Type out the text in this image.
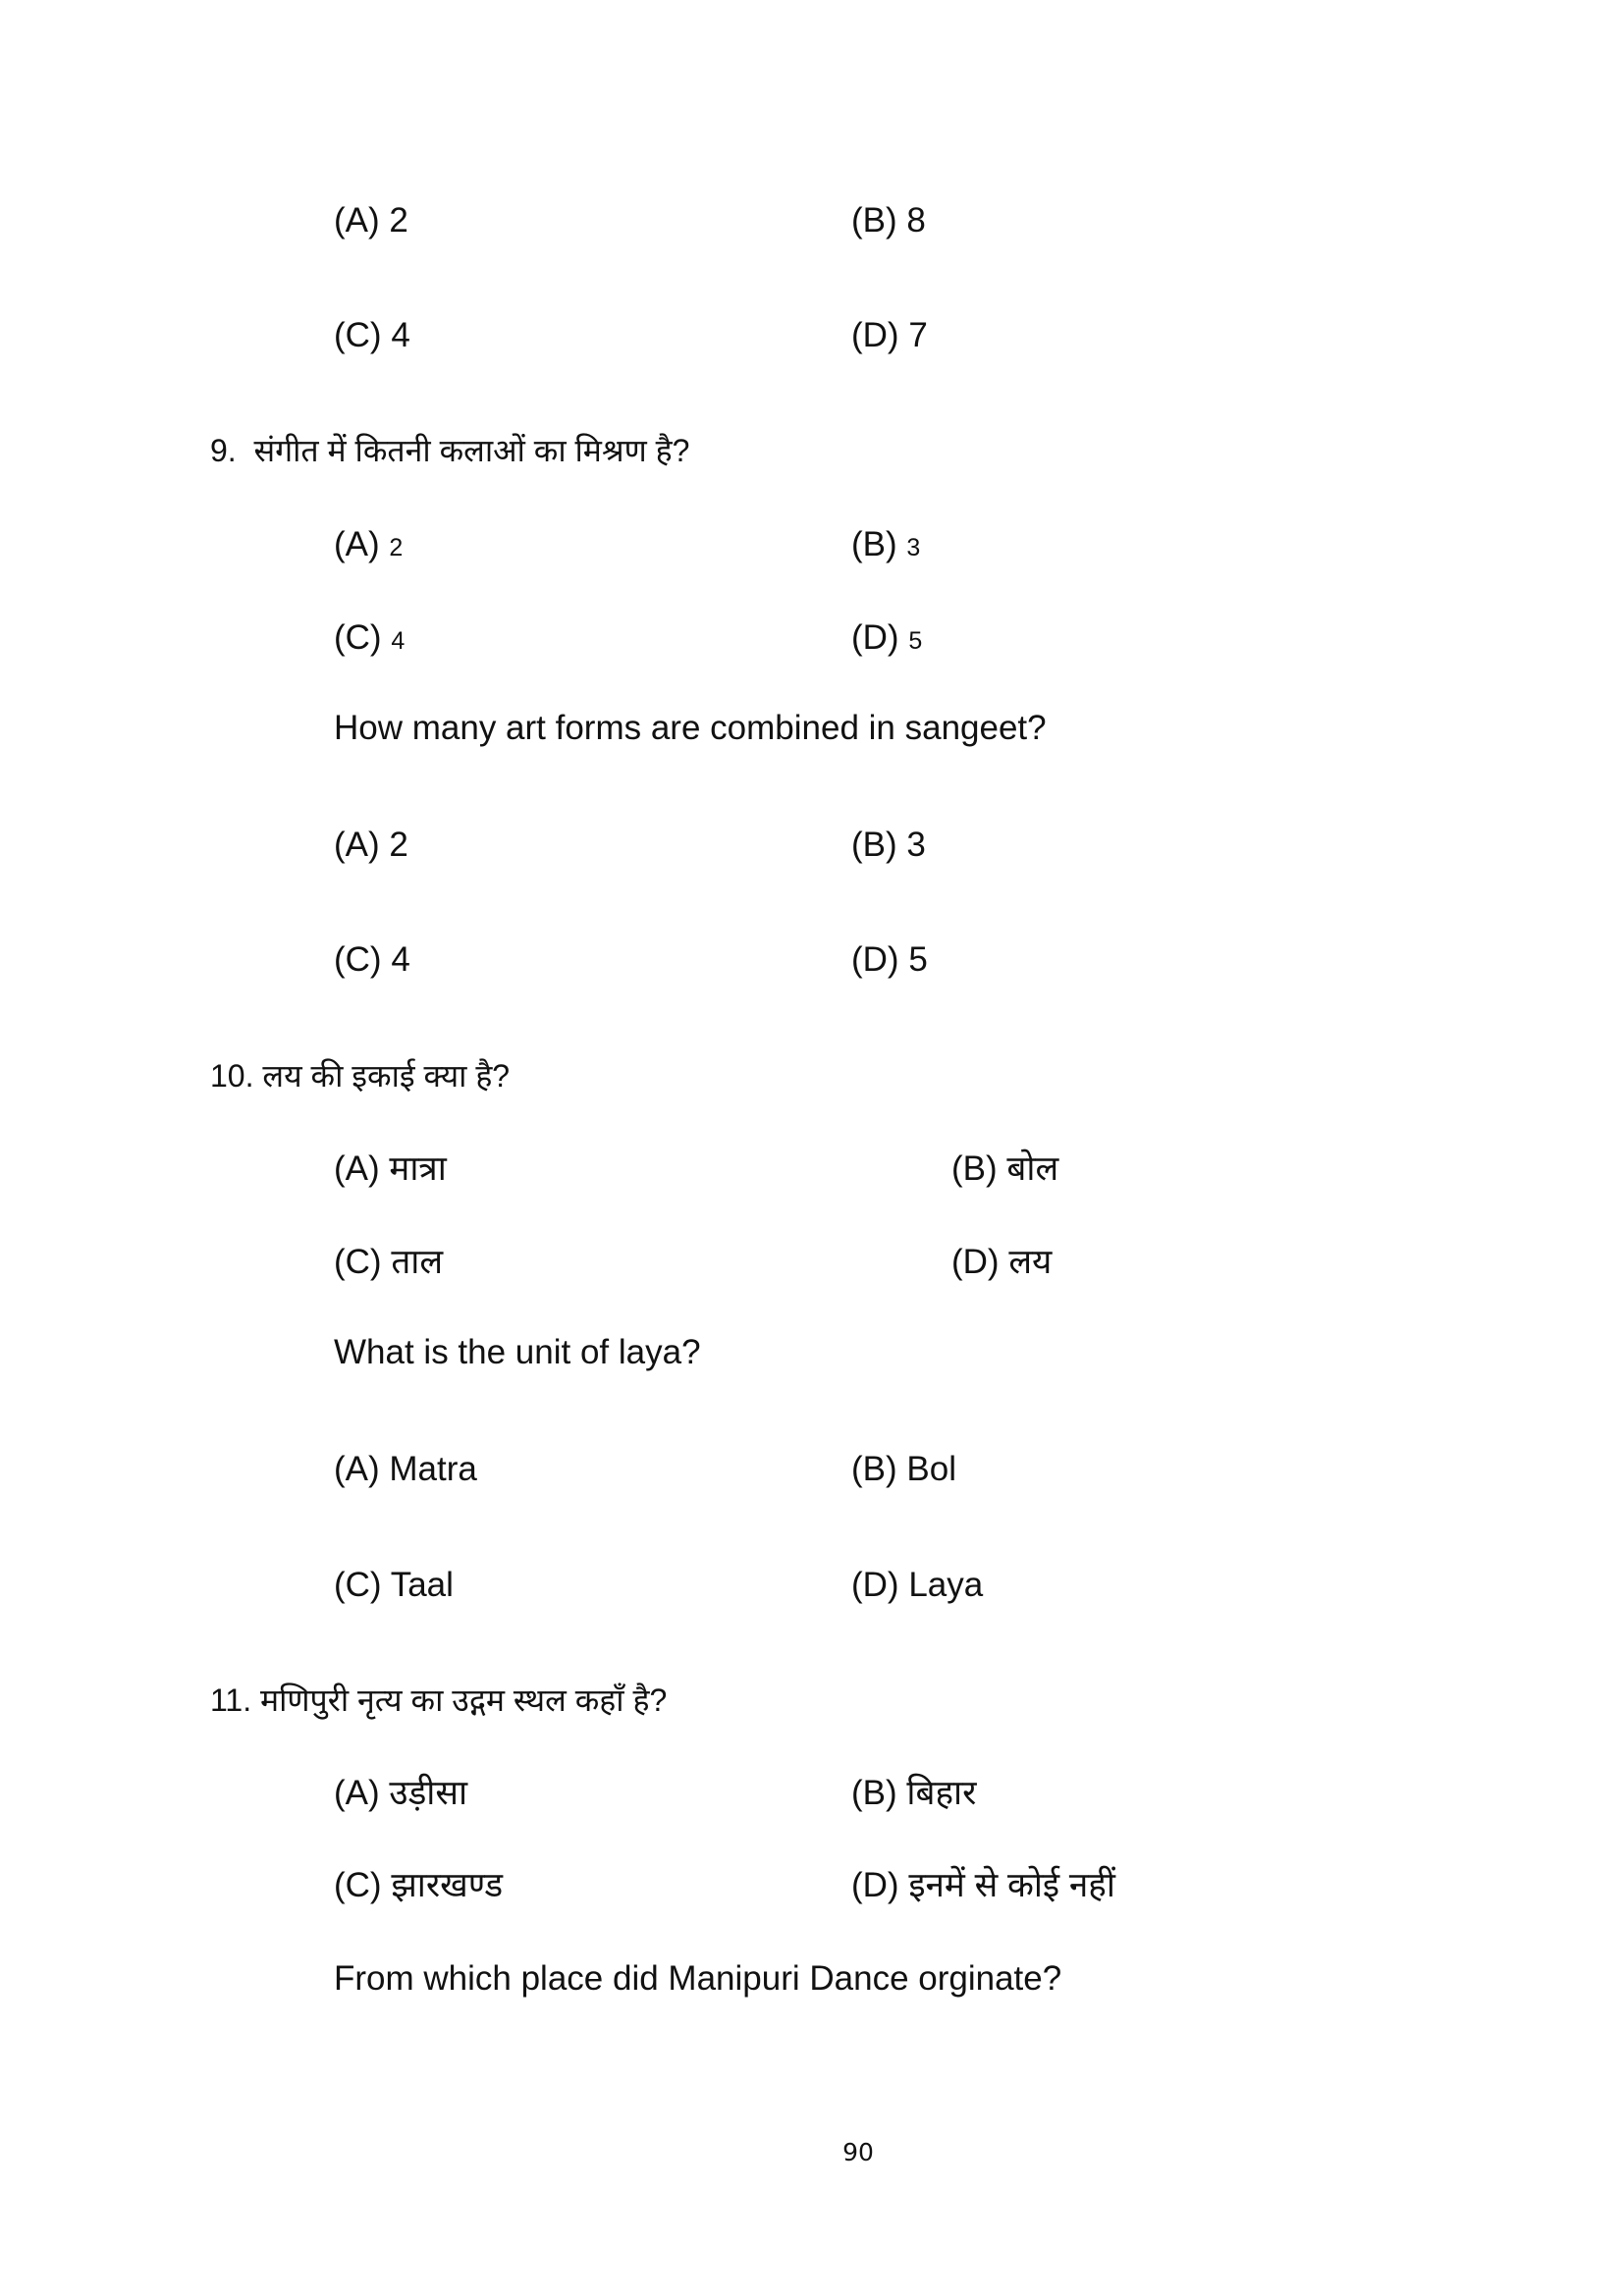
(A) 2	(B) 8
(C) 4	(D) 7
9. संगीत में कितनी कलाओं का मिश्रण है?
(A) 2	(B) 3
(C) 4	(D) 5
How many art forms are combined in sangeet?
(A) 2	(B) 3
(C) 4	(D) 5
10. लय की इकाई क्या है?
(A) मात्रा	(B) बोल
(C) ताल	(D) लय
What is the unit of laya?
(A) Matra	(B) Bol
(C) Taal	(D) Laya
11. मणिपुरी नृत्य का उद्गम स्थल कहाँ है?
(A) उड़ीसा	(B) बिहार
(C) झारखण्ड	(D) इनमें से कोई नहीं
From which place did Manipuri Dance orginate?
90
